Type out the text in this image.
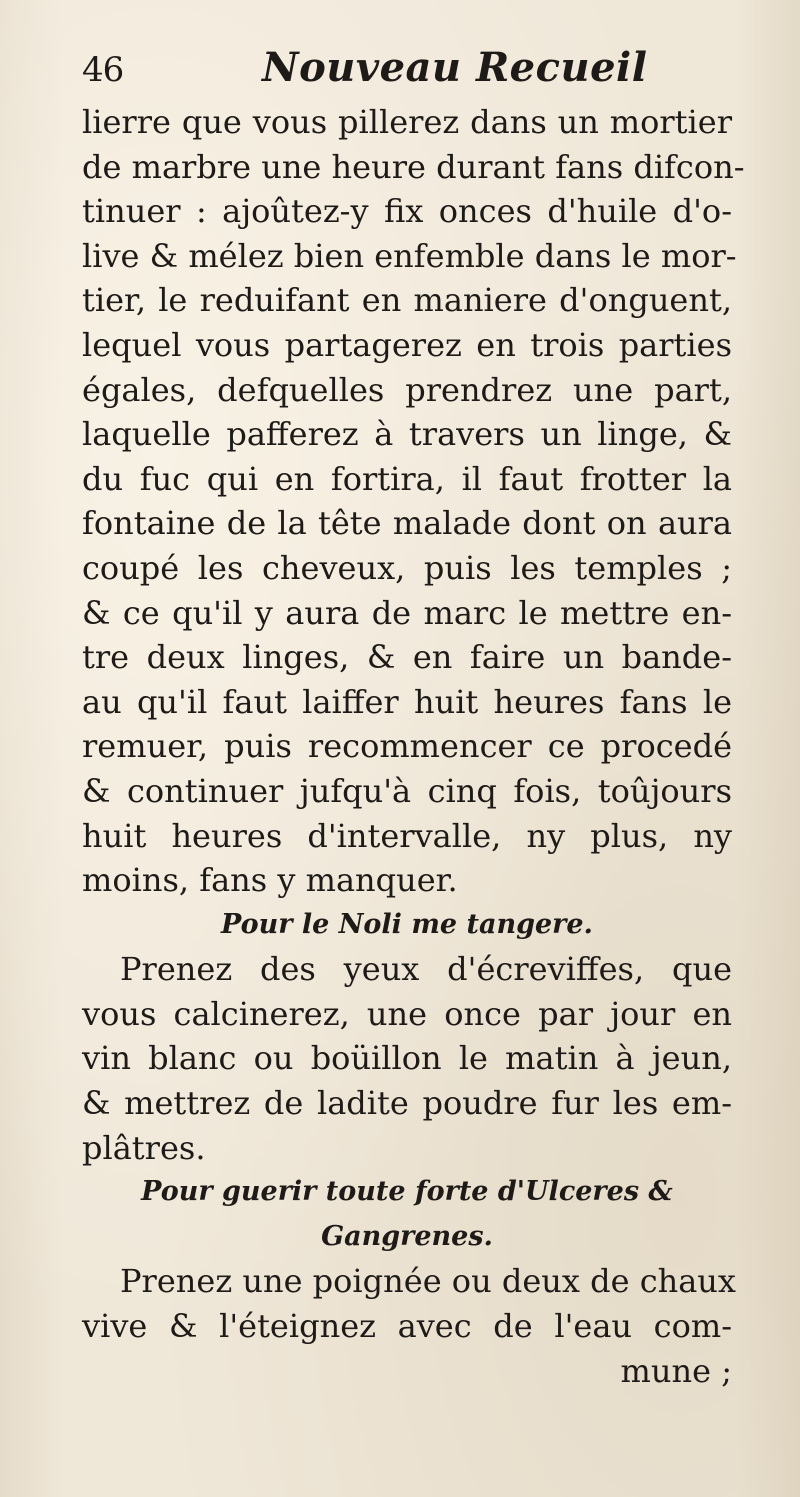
46	Nouveau Recueil
lierre que vous pillerez dans un mortier
de marbre une heure durant fans difcon-
tinuer : ajoûtez-y fix onces d'huile d'o-
live & mélez bien enfemble dans le mor-
tier, le reduifant en maniere d'onguent,
lequel vous partagerez en trois parties
égales, defquelles prendrez une part,
laquelle pafferez à travers un linge, &
du fuc qui en fortira, il faut frotter la
fontaine de la tête malade dont on aura
coupé les cheveux, puis les temples ;
& ce qu'il y aura de marc le mettre en-
tre deux linges, & en faire un bande-
au qu'il faut laiffer huit heures fans le
remuer, puis recommencer ce procedé
& continuer jufqu'à cinq fois, toûjours
huit heures d'intervalle, ny plus, ny
moins, fans y manquer.
Pour le Noli me tangere.
Prenez des yeux d'écreviffes, que
vous calcinerez, une once par jour en
vin blanc ou boüillon le matin à jeun,
& mettrez de ladite poudre fur les em-
plâtres.
Pour guerir toute forte d'Ulceres &
Gangrenes.
Prenez une poignée ou deux de chaux
vive & l'éteignez avec de l'eau com-
mune ;
